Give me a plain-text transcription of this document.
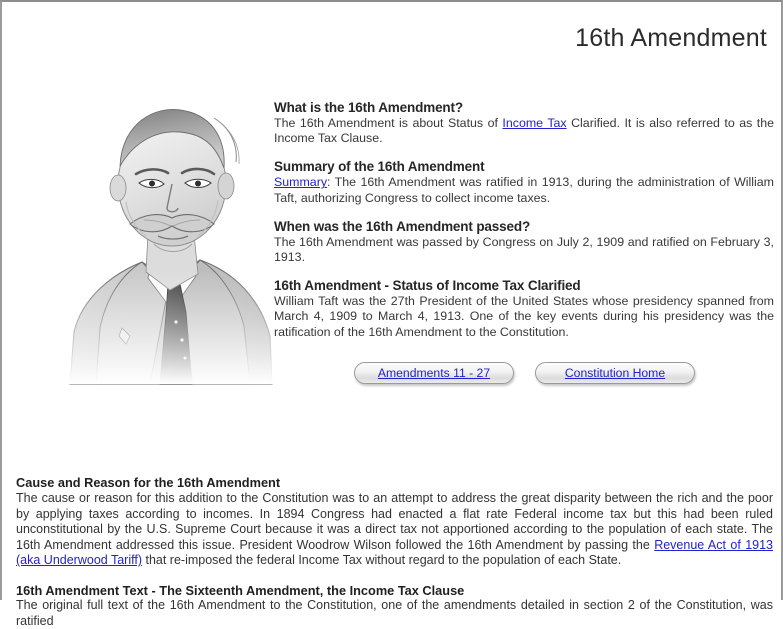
16th Amendment
What is the 16th Amendment?

The 16th Amendment is about Status of Income Tax Clarified. It is also referred to as the Income Tax Clause.

Summary of the 16th Amendment

Summary: The 16th Amendment was ratified in 1913, during the administration of William Taft, authorizing Congress to collect income taxes.

When was the 16th Amendment passed?

The 16th Amendment was passed by Congress on July 2, 1909 and ratified on February 3, 1913.

16th Amendment - Status of Income Tax Clarified

William Taft was the 27th President of the United States whose presidency spanned from March 4, 1909 to March 4, 1913. One of the key events during his presidency was the ratification of the 16th Amendment to the Constitution.

Amendments 11 - 27	Constitution Home
Cause and Reason for the 16th Amendment

The cause or reason for this addition to the Constitution was to an attempt to address the great disparity between the rich and the poor by applying taxes according to incomes. In 1894 Congress had enacted a flat rate Federal income tax but this had been ruled unconstitutional by the U.S. Supreme Court because it was a direct tax not apportioned according to the population of each state. The 16th Amendment addressed this issue. President Woodrow Wilson followed the 16th Amendment by passing the Revenue Act of 1913 (aka Underwood Tariff) that re-imposed the federal Income Tax without regard to the population of each State.

16th Amendment Text - The Sixteenth Amendment, the Income Tax Clause
The original full text of the 16th Amendment to the Constitution, one of the amendments detailed in section 2 of the Constitution, was ratified
